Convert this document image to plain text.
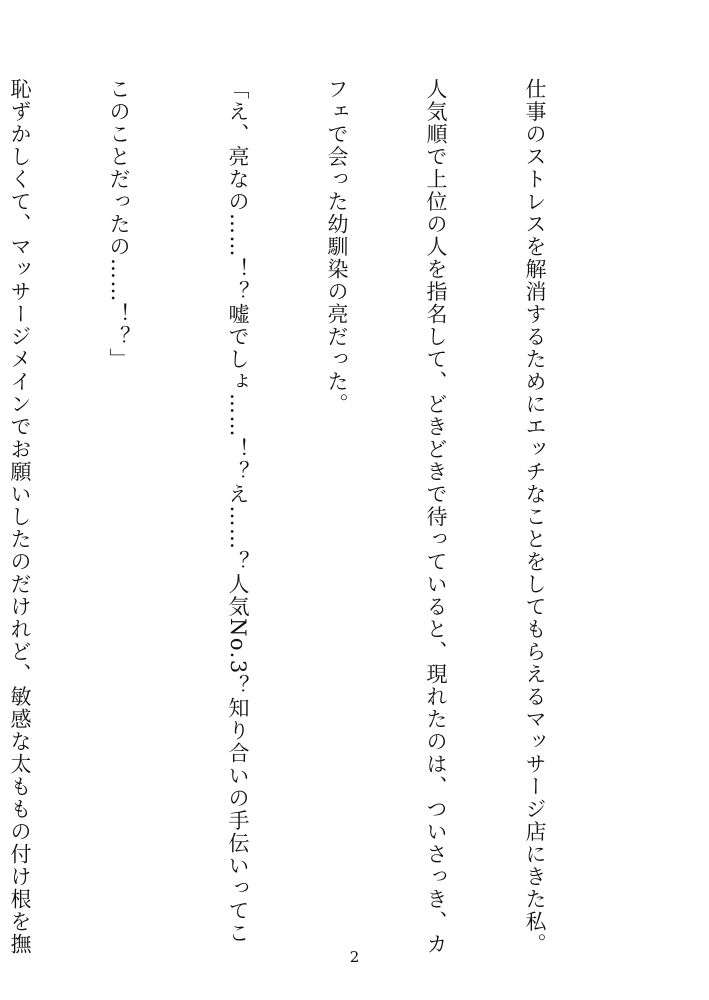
仕事のストレスを解消するためにエッチなことをしてもらえるマッサージ店にきた私。

人気順で上位の人を指名して、どきどきで待っていると、現れたのは、ついさっき、カ

フェで会った幼馴染の亮だった。

「え、亮なの……！？嘘でしょ……！？え……？人気No.3？知り合いの手伝いってこ

このことだったの……！？」

恥ずかしくて、マッサージメインでお願いしたのだけれど、敏感な太ももの付け根を撫

2
